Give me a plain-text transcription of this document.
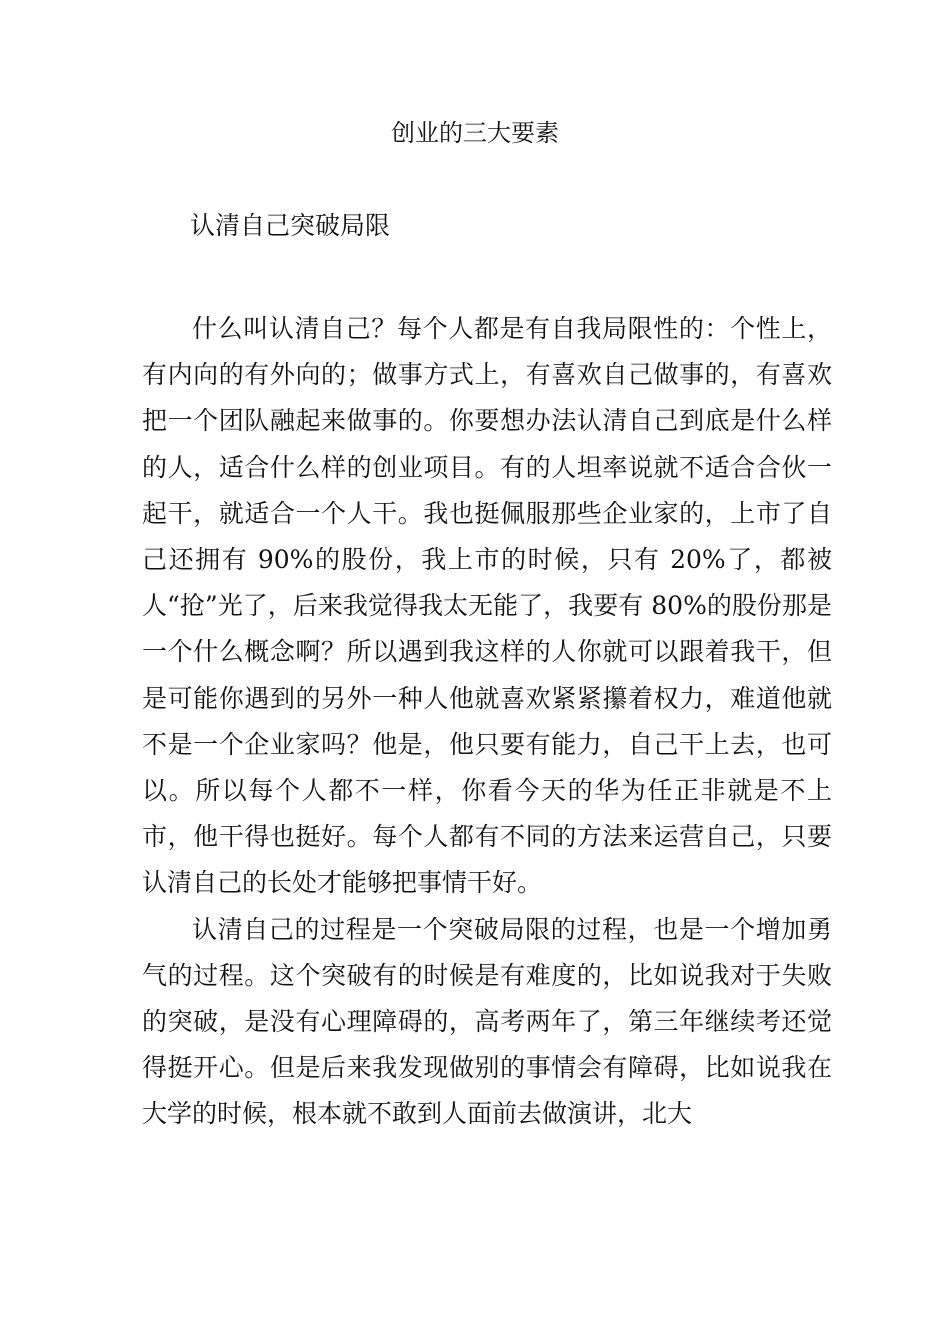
创业的三大要素
认清自己突破局限

什么叫认清自己？每个人都是有自我局限性的：个性上，有内向的有外向的；做事方式上，有喜欢自己做事的，有喜欢把一个团队融起来做事的。你要想办法认清自己到底是什么样的人，适合什么样的创业项目。有的人坦率说就不适合合伙一起干，就适合一个人干。我也挺佩服那些企业家的，上市了自己还拥有 90%的股份，我上市的时候，只有 20%了，都被人“抢”光了，后来我觉得我太无能了，我要有 80%的股份那是一个什么概念啊？所以遇到我这样的人你就可以跟着我干，但是可能你遇到的另外一种人他就喜欢紧紧攥着权力，难道他就不是一个企业家吗？他是，他只要有能力，自己干上去，也可以。所以每个人都不一样，你看今天的华为任正非就是不上市，他干得也挺好。每个人都有不同的方法来运营自己，只要认清自己的长处才能够把事情干好。

认清自己的过程是一个突破局限的过程，也是一个增加勇气的过程。这个突破有的时候是有难度的，比如说我对于失败的突破，是没有心理障碍的，高考两年了，第三年继续考还觉得挺开心。但是后来我发现做别的事情会有障碍，比如说我在大学的时候，根本就不敢到人面前去做演讲，北大
